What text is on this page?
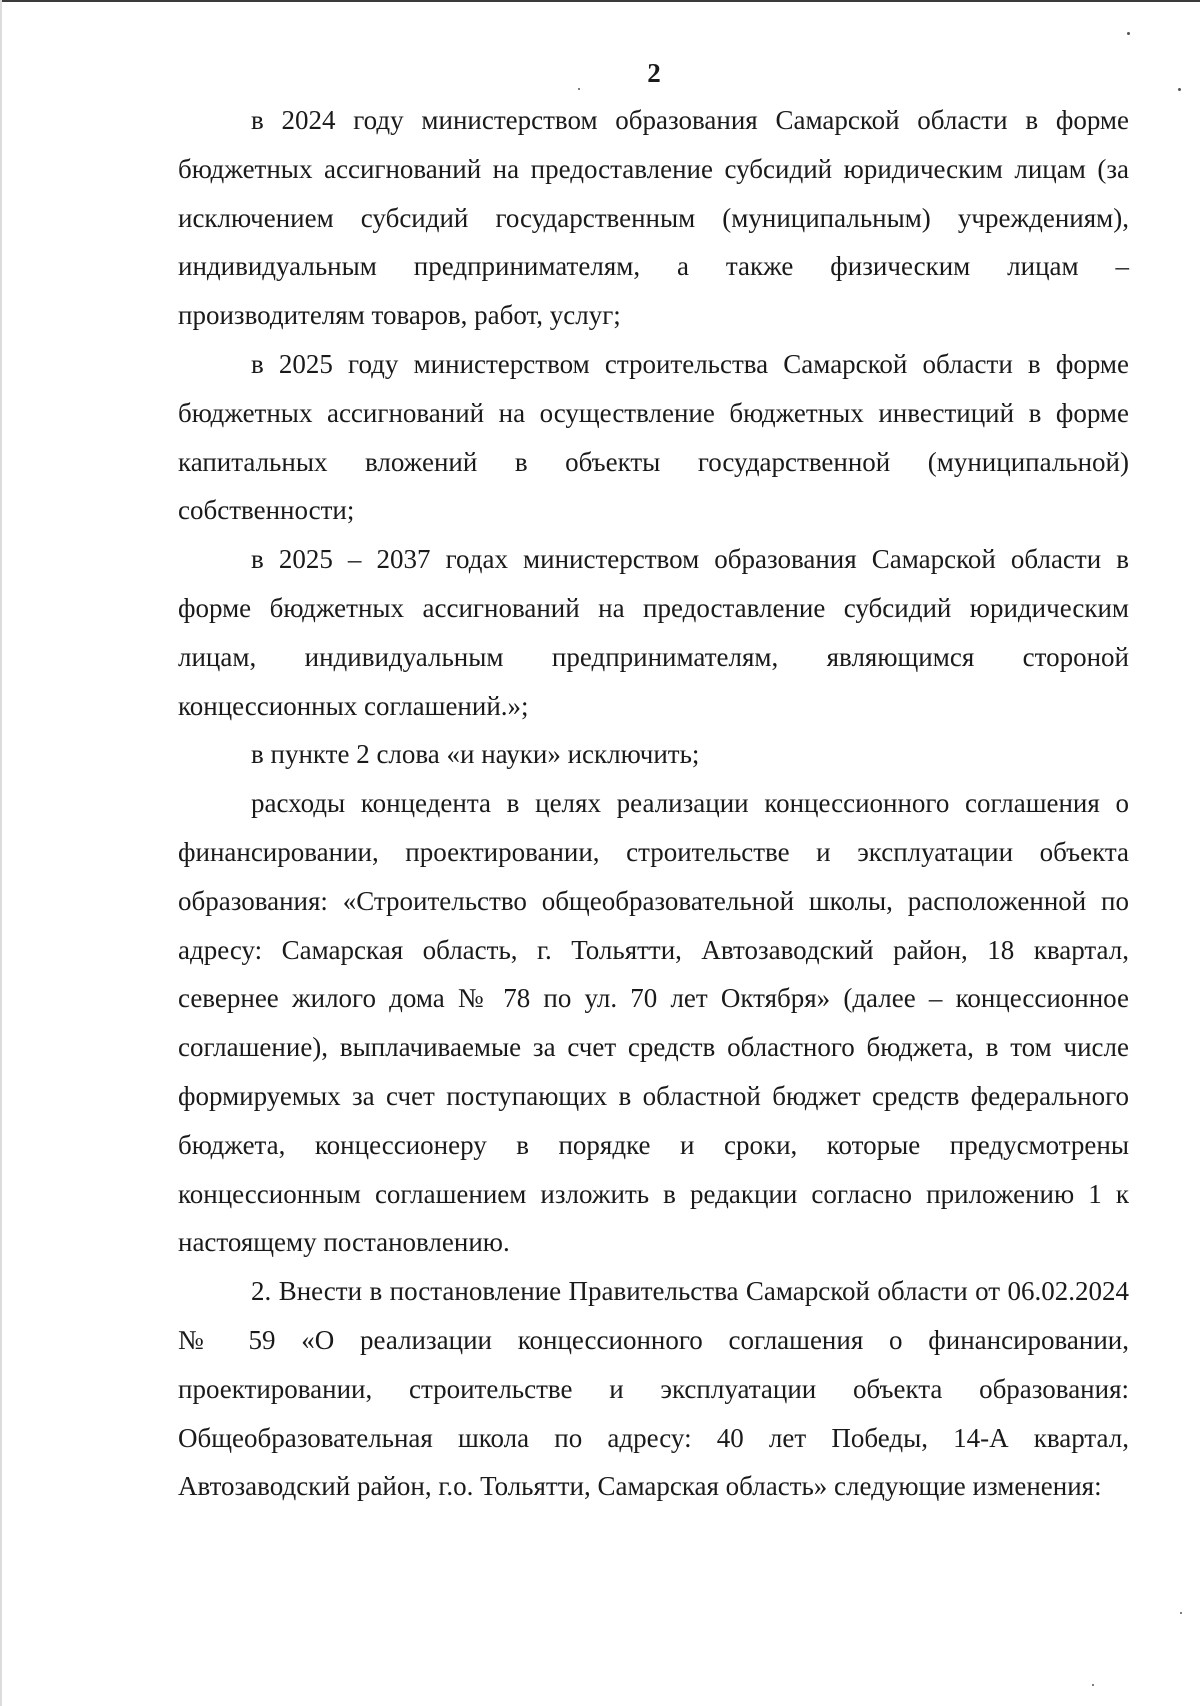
2

в 2024 году министерством образования Самарской области в форме бюджетных ассигнований на предоставление субсидий юридическим лицам (за исключением субсидий государственным (муниципальным) учреждениям), индивидуальным предпринимателям, а также физическим лицам – производителям товаров, работ, услуг;

в 2025 году министерством строительства Самарской области в форме бюджетных ассигнований на осуществление бюджетных инвестиций в форме капитальных вложений в объекты государственной (муниципальной) собственности;

в 2025 – 2037 годах министерством образования Самарской области в форме бюджетных ассигнований на предоставление субсидий юридическим лицам, индивидуальным предпринимателям, являющимся стороной концессионных соглашений.»;

в пункте 2 слова «и науки» исключить;

расходы концедента в целях реализации концессионного соглашения о финансировании, проектировании, строительстве и эксплуатации объекта образования: «Строительство общеобразовательной школы, расположенной по адресу: Самарская область, г. Тольятти, Автозаводский район, 18 квартал, севернее жилого дома № 78 по ул. 70 лет Октября» (далее – концессионное соглашение), выплачиваемые за счет средств областного бюджета, в том числе формируемых за счет поступающих в областной бюджет средств федерального бюджета, концессионеру в порядке и сроки, которые предусмотрены концессионным соглашением изложить в редакции согласно приложению 1 к настоящему постановлению.

2. Внести в постановление Правительства Самарской области от 06.02.2024 № 59 «О реализации концессионного соглашения о финансировании, проектировании, строительстве и эксплуатации объекта образования: Общеобразовательная школа по адресу: 40 лет Победы, 14-А квартал, Автозаводский район, г.о. Тольятти, Самарская область» следующие изменения:
